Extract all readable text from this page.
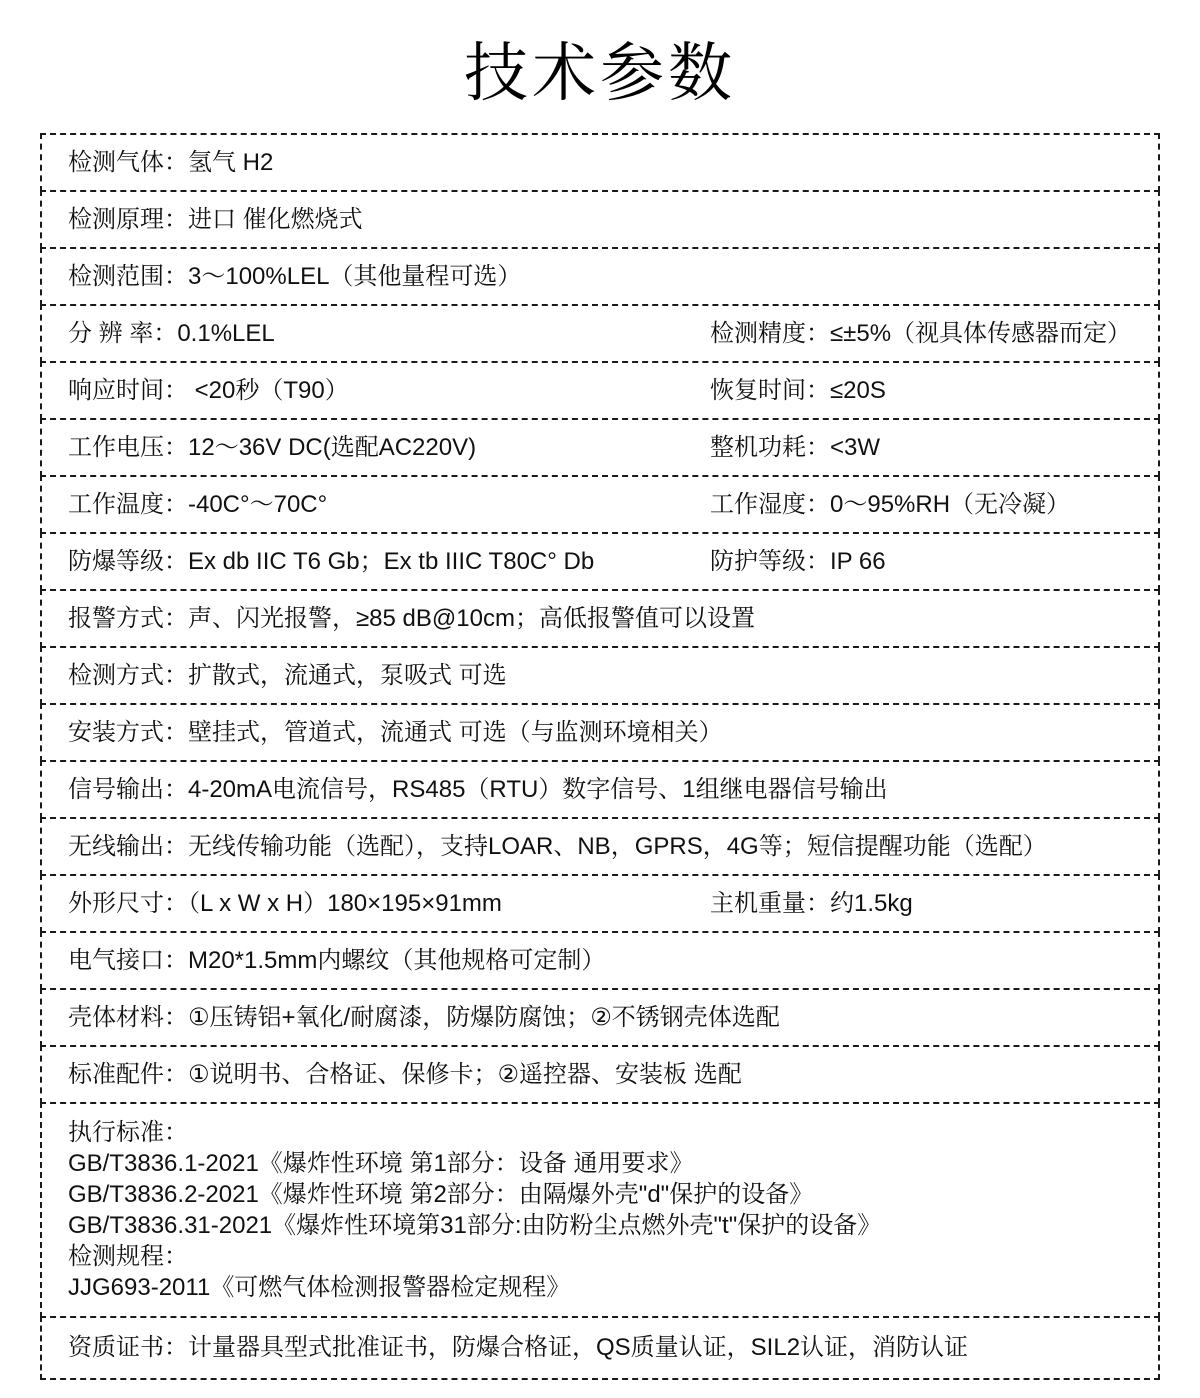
技术参数
检测气体：氢气 H2
检测原理：进口 催化燃烧式
检测范围：3～100%LEL（其他量程可选）
分 辨 率：0.1%LEL	检测精度：≤±5%（视具体传感器而定）
响应时间： <20秒（T90）	恢复时间：≤20S
工作电压：12～36V DC(选配AC220V)	整机功耗：<3W
工作温度：-40C°～70C°	工作湿度：0～95%RH（无冷凝）
防爆等级：Ex db IIC T6 Gb；Ex tb IIIC T80C° Db	防护等级：IP 66
报警方式：声、闪光报警，≥85 dB@10cm；高低报警值可以设置
检测方式：扩散式，流通式，泵吸式 可选
安装方式：壁挂式，管道式，流通式 可选（与监测环境相关）
信号输出：4-20mA电流信号，RS485（RTU）数字信号、1组继电器信号输出
无线输出：无线传输功能（选配），支持LOAR、NB，GPRS，4G等；短信提醒功能（选配）
外形尺寸：（L x W x H）180×195×91mm	主机重量：约1.5kg
电气接口：M20*1.5mm内螺纹（其他规格可定制）
壳体材料：①压铸铝+氧化/耐腐漆，防爆防腐蚀；②不锈钢壳体选配
标准配件：①说明书、合格证、保修卡；②遥控器、安装板 选配
执行标准：
GB/T3836.1-2021《爆炸性环境 第1部分：设备 通用要求》
GB/T3836.2-2021《爆炸性环境 第2部分：由隔爆外壳"d"保护的设备》
GB/T3836.31-2021《爆炸性环境第31部分:由防粉尘点燃外壳"t"保护的设备》
检测规程：
JJG693-2011《可燃气体检测报警器检定规程》
资质证书：计量器具型式批准证书，防爆合格证，QS质量认证，SIL2认证，消防认证
